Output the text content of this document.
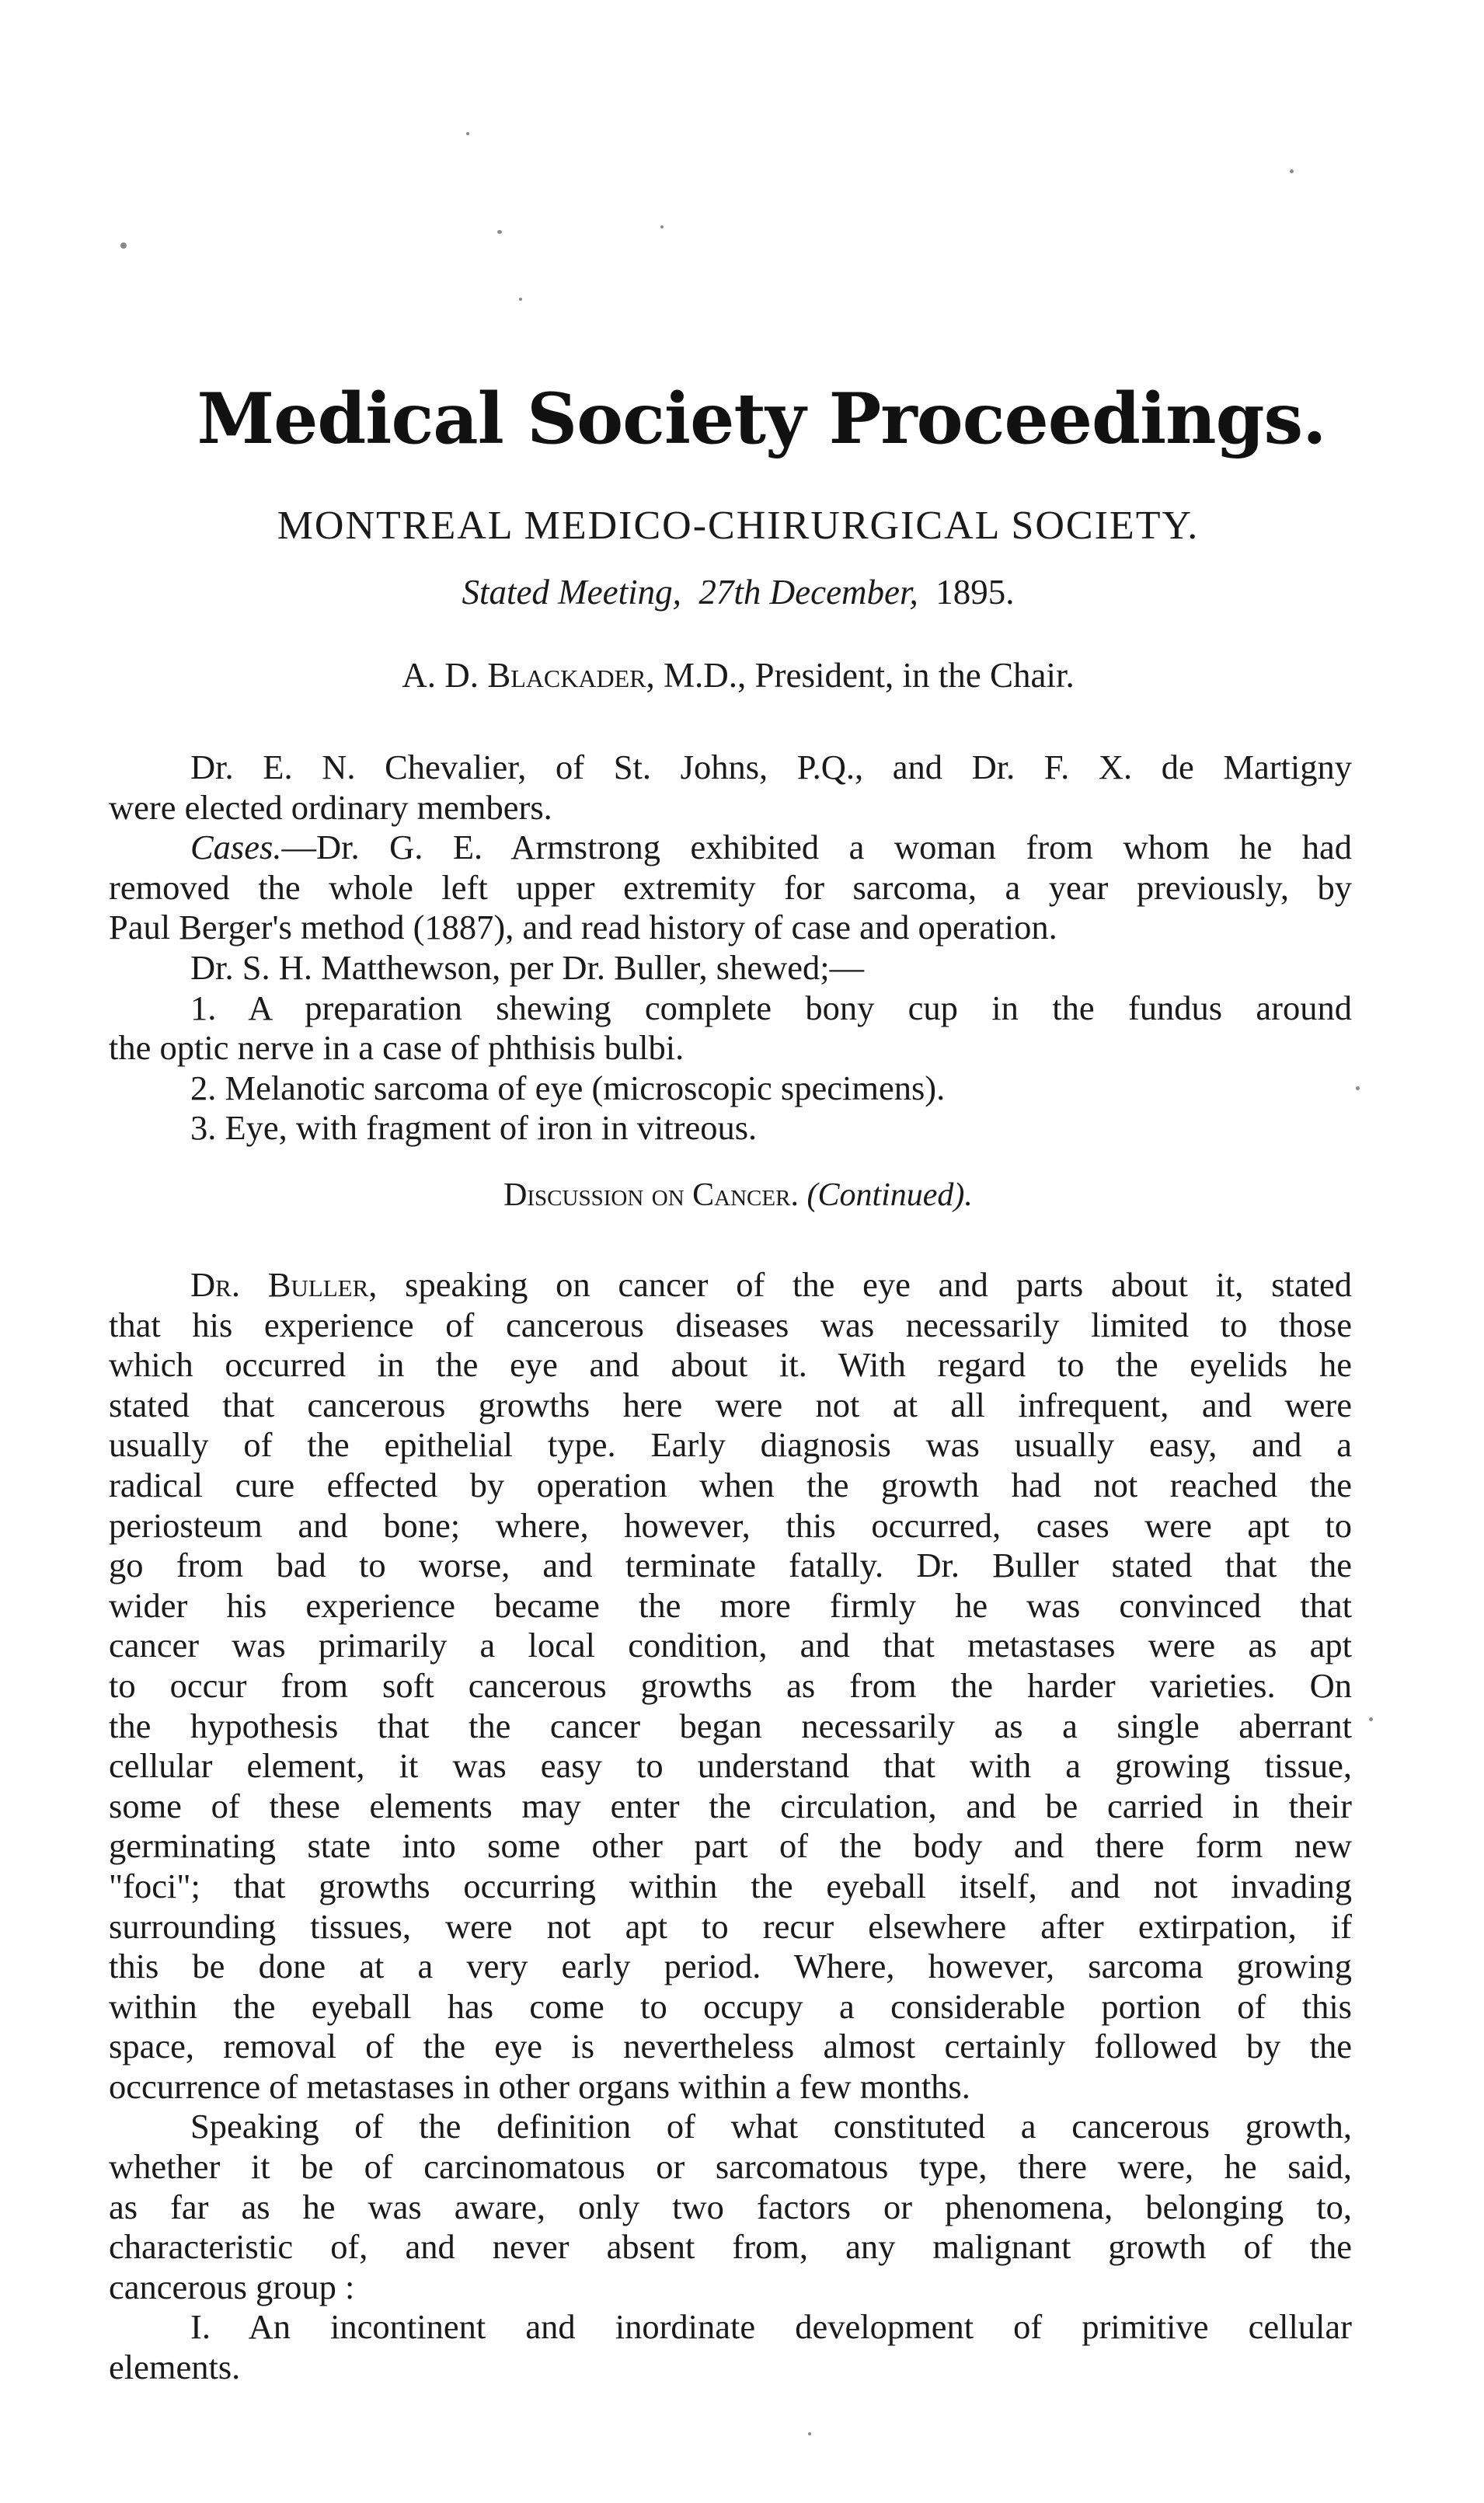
Medical Society Proceedings.
MONTREAL MEDICO-CHIRURGICAL SOCIETY.
Stated Meeting, 27th December, 1895.
A. D. Blackader, M.D., President, in the Chair.

Dr. E. N. Chevalier, of St. Johns, P.Q., and Dr. F. X. de Martigny
were elected ordinary members.

Cases.—Dr. G. E. Armstrong exhibited a woman from whom he had
removed the whole left upper extremity for sarcoma, a year previously, by
Paul Berger's method (1887), and read history of case and operation.

Dr. S. H. Matthewson, per Dr. Buller, shewed;—
1. A preparation shewing complete bony cup in the fundus around
the optic nerve in a case of phthisis bulbi.
2. Melanotic sarcoma of eye (microscopic specimens).
3. Eye, with fragment of iron in vitreous.

Discussion on Cancer. (Continued).
Dr. Buller, speaking on cancer of the eye and parts about it, stated
that his experience of cancerous diseases was necessarily limited to those
which occurred in the eye and about it. With regard to the eyelids he
stated that cancerous growths here were not at all infrequent, and were
usually of the epithelial type. Early diagnosis was usually easy, and a
radical cure effected by operation when the growth had not reached the
periosteum and bone; where, however, this occurred, cases were apt to
go from bad to worse, and terminate fatally. Dr. Buller stated that the
wider his experience became the more firmly he was convinced that
cancer was primarily a local condition, and that metastases were as apt
to occur from soft cancerous growths as from the harder varieties. On
the hypothesis that the cancer began necessarily as a single aberrant
cellular element, it was easy to understand that with a growing tissue,
some of these elements may enter the circulation, and be carried in their
germinating state into some other part of the body and there form new
"foci"; that growths occurring within the eyeball itself, and not invading
surrounding tissues, were not apt to recur elsewhere after extirpation, if
this be done at a very early period. Where, however, sarcoma growing
within the eyeball has come to occupy a considerable portion of this
space, removal of the eye is nevertheless almost certainly followed by the
occurrence of metastases in other organs within a few months.
Speaking of the definition of what constituted a cancerous growth,
whether it be of carcinomatous or sarcomatous type, there were, he said,
as far as he was aware, only two factors or phenomena, belonging to,
characteristic of, and never absent from, any malignant growth of the
cancerous group :
I. An incontinent and inordinate development of primitive cellular
elements.
